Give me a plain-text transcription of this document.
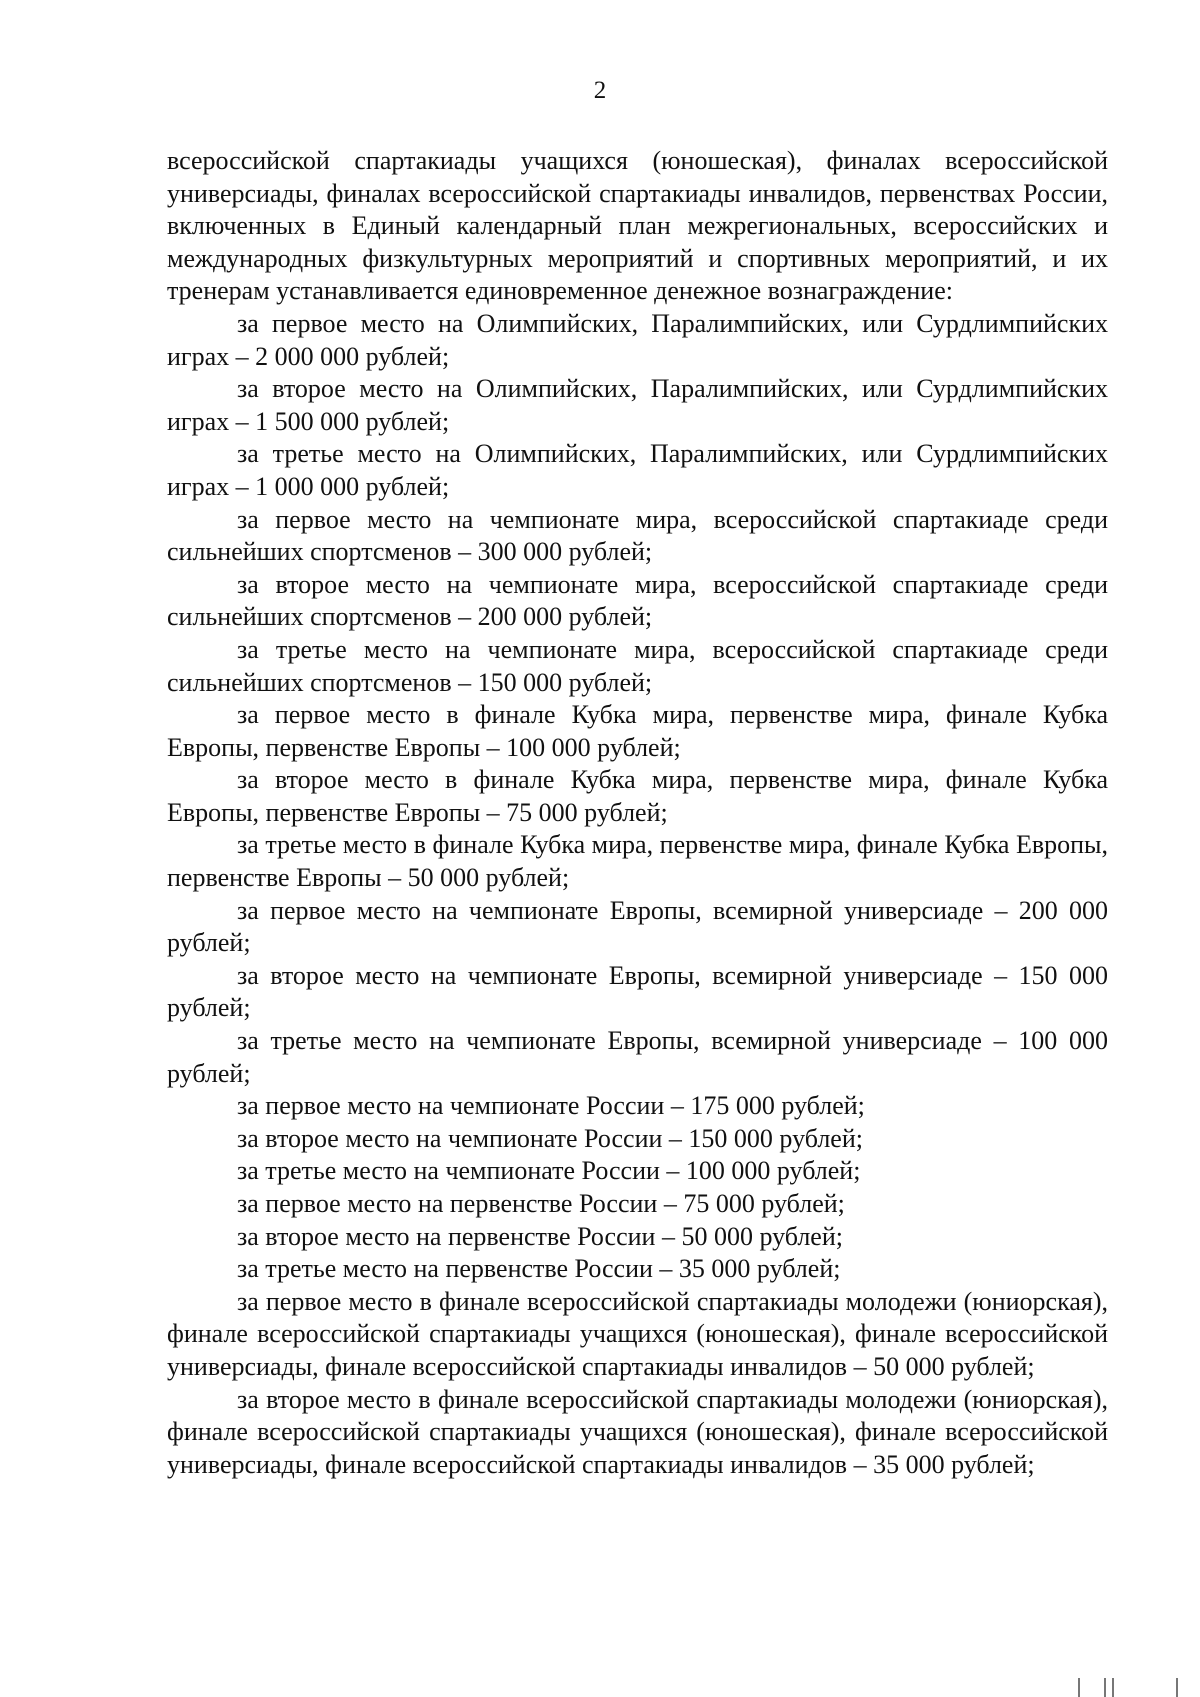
2

всероссийской спартакиады учащихся (юношеская), финалах всероссийской универсиады, финалах всероссийской спартакиады инвалидов, первенствах России, включенных в Единый календарный план межрегиональных, всероссийских и международных физкультурных мероприятий и спортивных мероприятий, и их тренерам устанавливается единовременное денежное вознаграждение:

за первое место на Олимпийских, Паралимпийских, или Сурдлимпийских играх – 2 000 000 рублей;

за второе место на Олимпийских, Паралимпийских, или Сурдлимпийских играх – 1 500 000 рублей;

за третье место на Олимпийских, Паралимпийских, или Сурдлимпийских играх – 1 000 000 рублей;

за первое место на чемпионате мира, всероссийской спартакиаде среди сильнейших спортсменов – 300 000 рублей;

за второе место на чемпионате мира, всероссийской спартакиаде среди сильнейших спортсменов – 200 000 рублей;

за третье место на чемпионате мира, всероссийской спартакиаде среди сильнейших спортсменов – 150 000 рублей;

за первое место в финале Кубка мира, первенстве мира, финале Кубка Европы, первенстве Европы – 100 000 рублей;

за второе место в финале Кубка мира, первенстве мира, финале Кубка Европы, первенстве Европы – 75 000 рублей;

за третье место в финале Кубка мира, первенстве мира, финале Кубка Европы, первенстве Европы – 50 000 рублей;

за первое место на чемпионате Европы, всемирной универсиаде – 200 000 рублей;

за второе место на чемпионате Европы, всемирной универсиаде – 150 000 рублей;

за третье место на чемпионате Европы, всемирной универсиаде – 100 000 рублей;

за первое место на чемпионате России – 175 000 рублей;

за второе место на чемпионате России – 150 000 рублей;

за третье место на чемпионате России – 100 000 рублей;

за первое место на первенстве России – 75 000 рублей;

за второе место на первенстве России – 50 000 рублей;

за третье место на первенстве России – 35 000 рублей;

за первое место в финале всероссийской спартакиады молодежи (юниорская), финале всероссийской спартакиады учащихся (юношеская), финале всероссийской универсиады, финале всероссийской спартакиады инвалидов – 50 000 рублей;

за второе место в финале всероссийской спартакиады молодежи (юниорская), финале всероссийской спартакиады учащихся (юношеская), финале всероссийской универсиады, финале всероссийской спартакиады инвалидов – 35 000 рублей;
